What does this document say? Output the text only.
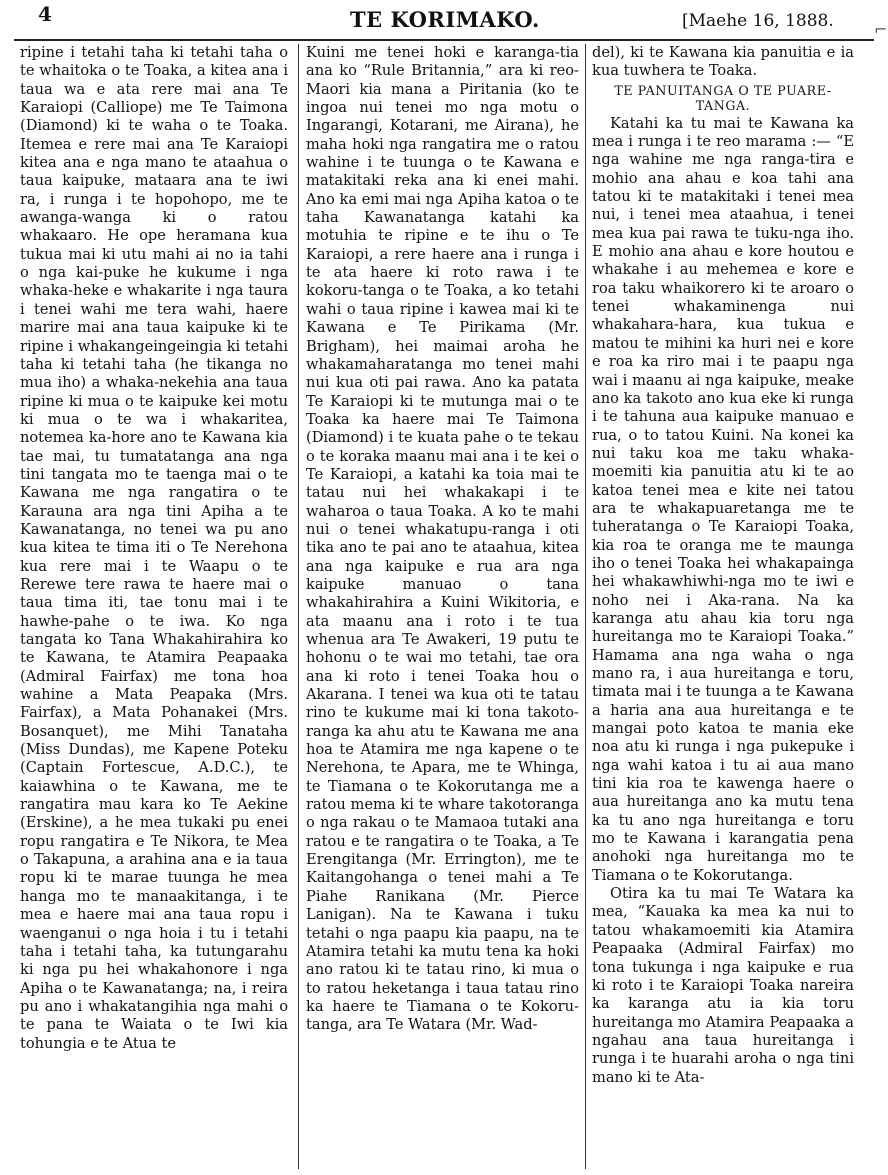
4	TE KORIMAKO.	[Maehe 16, 1888.	⌐

ripine i tetahi taha ki tetahi taha o te whaitoka o te Toaka, a kitea ana i taua wa e ata rere mai ana Te Karaiopi (Calliope) me Te Taimona (Diamond) ki te waha o te Toaka. Itemea e rere mai ana Te Karaiopi kitea ana e nga mano te ataahua o taua kaipuke, mataara ana te iwi ra, i runga i te hopohopo, me te awanga-wanga ki o ratou whakaaro. He ope heramana kua tukua mai ki utu mahi ai no ia tahi o nga kai-puke he kukume i nga whaka-heke e whakarite i nga taura i tenei wahi me tera wahi, haere marire mai ana taua kaipuke ki te ripine i whakangeingeingia ki tetahi taha ki tetahi taha (he tikanga no mua iho) a whaka-nekehia ana taua ripine ki mua o te kaipuke kei motu ki mua o te wa i whakaritea, notemea ka-hore ano te Kawana kia tae mai, tu tumatatanga ana nga tini tangata mo te taenga mai o te Kawana me nga rangatira o te Karauna ara nga tini Apiha a te Kawanatanga, no tenei wa pu ano kua kitea te tima iti o Te Nerehona kua rere mai i te Waapu o te Rerewe tere rawa te haere mai o taua tima iti, tae tonu mai i te hawhe-pahe o te iwa. Ko nga tangata ko Tana Whakahirahira ko te Kawana, te Atamira Peapaaka (Admiral Fairfax) me tona hoa wahine a Mata Peapaka (Mrs. Fairfax), a Mata Pohanakei (Mrs. Bosanquet), me Mihi Tanataha (Miss Dundas), me Kapene Poteku (Captain Fortescue, A.D.C.), te kaiawhina o te Kawana, me te rangatira mau kara ko Te Aekine (Erskine), a he mea tukaki pu enei ropu rangatira e Te Nikora, te Mea o Takapuna, a arahina ana e ia taua ropu ki te marae tuunga he mea hanga mo te manaakitanga, i te mea e haere mai ana taua ropu i waenganui o nga hoia i tu i tetahi taha i tetahi taha, ka tutungarahu ki nga pu hei whakahonore i nga Apiha o te Kawanatanga; na, i reira pu ano i whakatangihia nga mahi o te pana te Waiata o te Iwi kia tohungia e te Atua te

Kuini me tenei hoki e karanga-tia ana ko “Rule Britannia,” ara ki reo-Maori kia mana a Piritania (ko te ingoa nui tenei mo nga motu o Ingarangi, Kotarani, me Airana), he maha hoki nga rangatira me o ratou wahine i te tuunga o te Kawana e matakitaki reka ana ki enei mahi. Ano ka emi mai nga Apiha katoa o te taha Kawanatanga katahi ka motuhia te ripine e te ihu o Te Karaiopi, a rere haere ana i runga i te ata haere ki roto rawa i te kokoru-tanga o te Toaka, a ko tetahi wahi o taua ripine i kawea mai ki te Kawana e Te Pirikama (Mr. Brigham), hei maimai aroha he whakamaharatanga mo tenei mahi nui kua oti pai rawa. Ano ka patata Te Karaiopi ki te mutunga mai o te Toaka ka haere mai Te Taimona (Diamond) i te kuata pahe o te tekau o te koraka maanu mai ana i te kei o Te Karaiopi, a katahi ka toia mai te tatau nui hei whakakapi i te waharoa o taua Toaka. A ko te mahi nui o tenei whakatupu-ranga i oti tika ano te pai ano te ataahua, kitea ana nga kaipuke e rua ara nga kaipuke manuao o tana whakahirahira a Kuini Wikitoria, e ata maanu ana i roto i te tua whenua ara Te Awakeri, 19 putu te hohonu o te wai mo tetahi, tae ora ana ki roto i tenei Toaka hou o Akarana. I tenei wa kua oti te tatau rino te kukume mai ki tona takoto-ranga ka ahu atu te Kawana me ana hoa te Atamira me nga kapene o te Nerehona, te Apara, me te Whinga, te Tiamana o te Kokorutanga me a ratou mema ki te whare takotoranga o nga rakau o te Mamaoa tutaki ana ratou e te rangatira o te Toaka, a Te Erengitanga (Mr. Errington), me te Kaitangohanga o tenei mahi a Te Piahe Ranikana (Mr. Pierce Lanigan). Na te Kawana i tuku tetahi o nga paapu kia paapu, na te Atamira tetahi ka mutu tena ka hoki ano ratou ki te tatau rino, ki mua o to ratou heketanga i taua tatau rino ka haere te Tiamana o te Kokoru-tanga, ara Te Watara (Mr. Wad-

del), ki te Kawana kia panuitia e ia kua tuwhera te Toaka.

TE PANUITANGA O TE PUARE-TANGA.

Katahi ka tu mai te Kawana ka mea i runga i te reo marama :— “E nga wahine me nga ranga-tira e mohio ana ahau e koa tahi ana tatou ki te matakitaki i tenei mea nui, i tenei mea ataahua, i tenei mea kua pai rawa te tuku-nga iho. E mohio ana ahau e kore houtou e whakahe i au mehemea e kore e roa taku whaikorero ki te aroaro o tenei whakaminenga nui whakahara-hara, kua tukua e matou te mihini ka huri nei e kore e roa ka riro mai i te paapu nga wai i maanu ai nga kaipuke, meake ano ka takoto ano kua eke ki runga i te tahuna aua kaipuke manuao e rua, o to tatou Kuini. Na konei ka nui taku koa me taku whaka-moemiti kia panuitia atu ki te ao katoa tenei mea e kite nei tatou ara te whakapuaretanga me te tuheratanga o Te Karaiopi Toaka, kia roa te oranga me te maunga iho o tenei Toaka hei whakapainga hei whakawhiwhi-nga mo te iwi e noho nei i Aka-rana. Na ka karanga atu ahau kia toru nga hureitanga mo te Karaiopi Toaka.” Hamama ana nga waha o nga mano ra, i aua hureitanga e toru, timata mai i te tuunga a te Kawana a haria ana aua hureitanga e te mangai poto katoa te mania eke noa atu ki runga i nga pukepuke i nga wahi katoa i tu ai aua mano tini kia roa te kawenga haere o aua hureitanga ano ka mutu tena ka tu ano nga hureitanga e toru mo te Kawana i karangatia pena anohoki nga hureitanga mo te Tiamana o te Kokorutanga.

Otira ka tu mai Te Watara ka mea, “Kauaka ka mea ka nui to tatou whakamoemiti kia Atamira Peapaaka (Admiral Fairfax) mo tona tukunga i nga kaipuke e rua ki roto i te Karaiopi Toaka nareira ka karanga atu ia kia toru hureitanga mo Atamira Peapaaka a ngahau ana taua hureitanga i runga i te huarahi aroha o nga tini mano ki te Ata-
